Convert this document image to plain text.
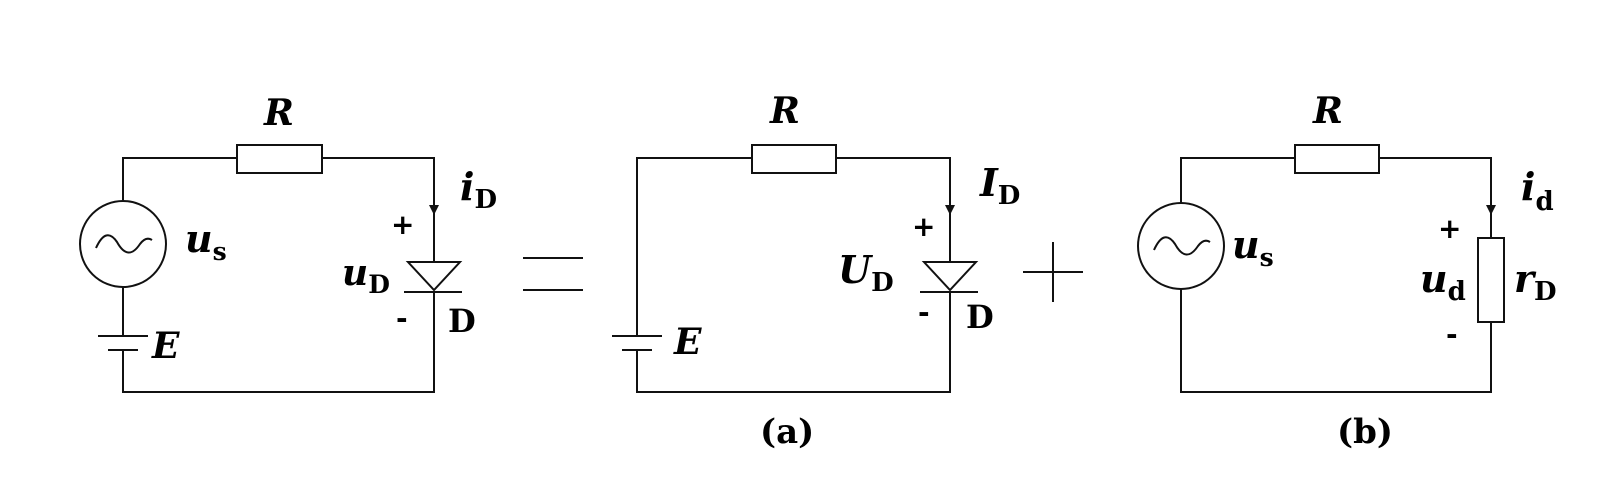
R
$u_s$
E
$i_D$
+
$u_D$
- D
R
E
$I_D$
+
$U_D$
- D
(a)
R
$u_s$
$i_d$
+
$u_d$
-
$r_D$
(b)
